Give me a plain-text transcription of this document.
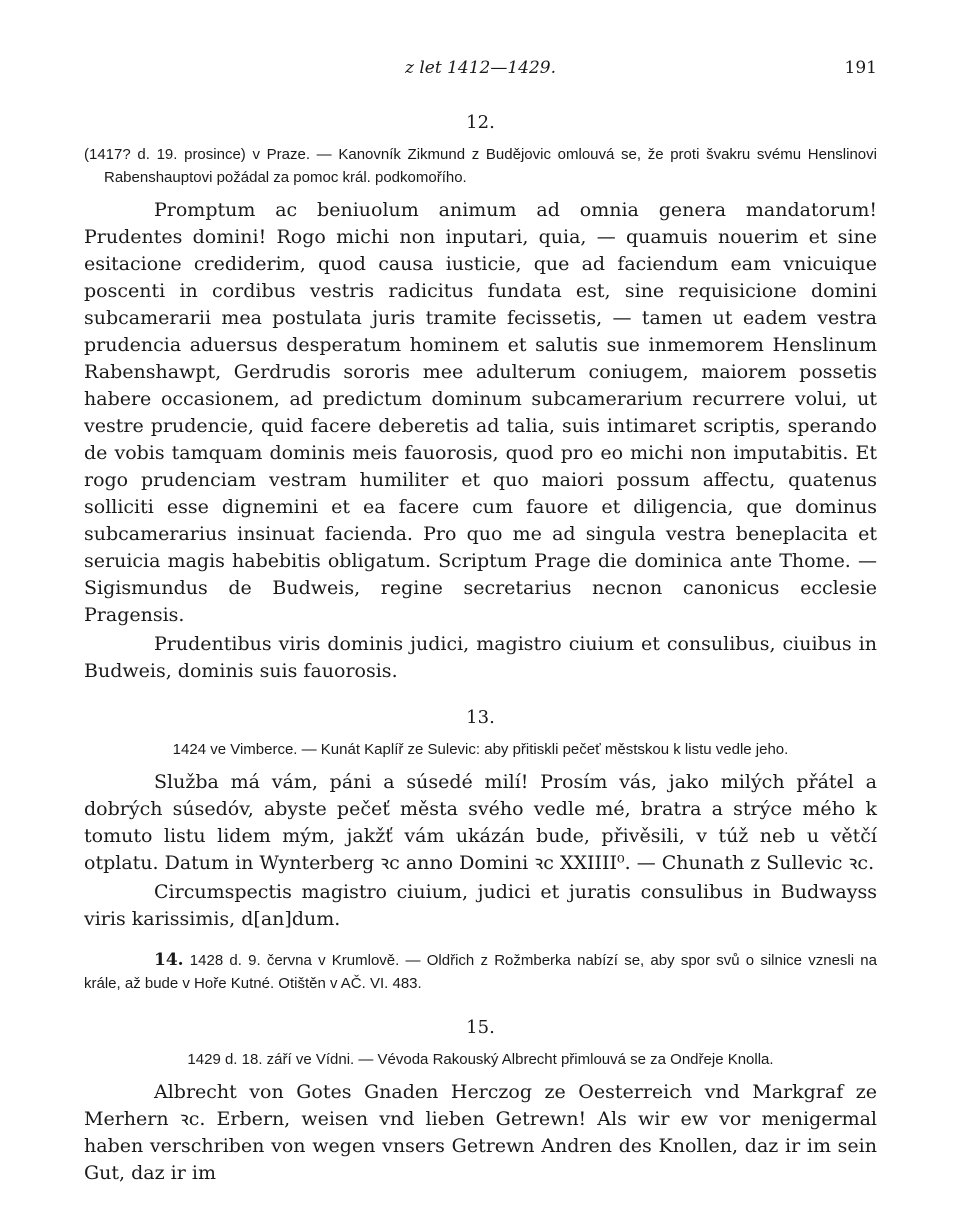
z let 1412—1429.	191
12.

(1417? d. 19. prosince) v Praze. — Kanovník Zikmund z Budějovic omlouvá se, že proti švakru svému Henslinovi Rabenshauptovi požádal za pomoc král. podkomořího.

Promptum ac beniuolum animum ad omnia genera mandatorum! Prudentes domini! Rogo michi non inputari, quia, — quamuis nouerim et sine esitacione crediderim, quod causa iusticie, que ad faciendum eam vnicuique poscenti in cordibus vestris radicitus fundata est, sine requisicione domini subcamerarii mea postulata juris tramite fecissetis, — tamen ut eadem vestra prudencia aduersus desperatum hominem et salutis sue inmemorem Henslinum Rabenshawpt, Gerdrudis sororis mee adulterum coniugem, maiorem possetis habere occasionem, ad predictum dominum subcamerarium recurrere volui, ut vestre prudencie, quid facere deberetis ad talia, suis intimaret scriptis, sperando de vobis tamquam dominis meis fauorosis, quod pro eo michi non imputabitis. Et rogo prudenciam vestram humiliter et quo maiori possum affectu, quatenus solliciti esse dignemini et ea facere cum fauore et diligencia, que dominus subcamerarius insinuat facienda. Pro quo me ad singula vestra beneplacita et seruicia magis habebitis obligatum. Scriptum Prage die dominica ante Thome. — Sigismundus de Budweis, regine secretarius necnon canonicus ecclesie Pragensis.

Prudentibus viris dominis judici, magistro ciuium et consulibus, ciuibus in Budweis, dominis suis fauorosis.

13.

1424 ve Vimberce. — Kunát Kaplíř ze Sulevic: aby přitiskli pečeť městskou k listu vedle jeho.

Služba má vám, páni a súsedé milí! Prosím vás, jako milých přátel a dobrých súsedóv, abyste pečeť města svého vedle mé, bratra a strýce mého k tomuto listu lidem mým, jakžť vám ukázán bude, přivěsili, v túž neb u větčí otplatu. Datum in Wynterberg ꝛc anno Domini ꝛc XXIIII⁰. — Chunath z Sullevic ꝛc.

Circumspectis magistro ciuium, judici et juratis consulibus in Budwayss viris karissimis, d[an]dum.

14. 1428 d. 9. června v Krumlově. — Oldřich z Rožmberka nabízí se, aby spor svů o silnice vznesli na krále, až bude v Hoře Kutné. Otištěn v AČ. VI. 483.

15.

1429 d. 18. září ve Vídni. — Vévoda Rakouský Albrecht přimlouvá se za Ondřeje Knolla.

Albrecht von Gotes Gnaden Herczog ze Oesterreich vnd Markgraf ze Merhern ꝛc. Erbern, weisen vnd lieben Getrewn! Als wir ew vor menigermal haben verschriben von wegen vnsers Getrewn Andren des Knollen, daz ir im sein Gut, daz ir im
